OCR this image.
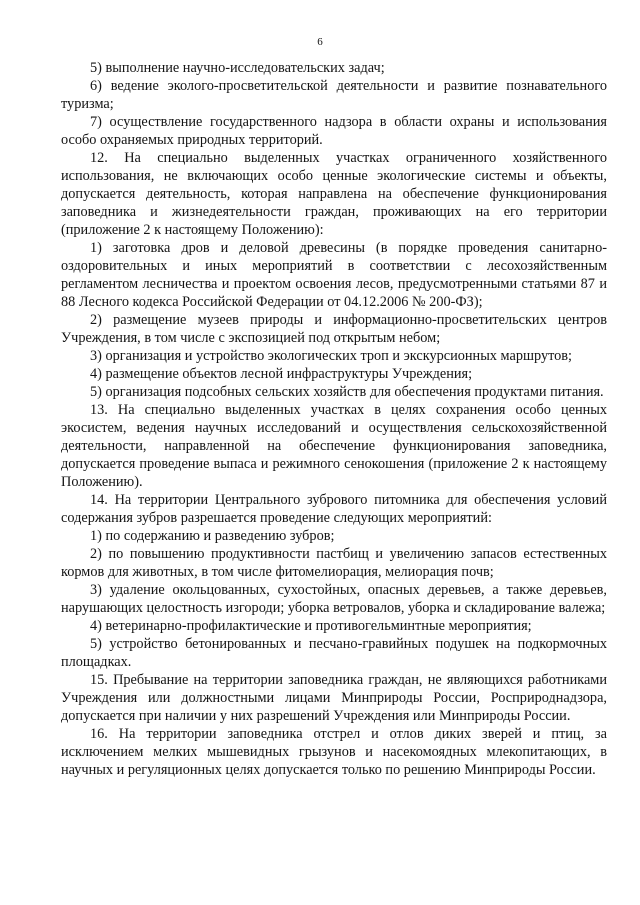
6

5) выполнение научно-исследовательских задач;

6) ведение эколого-просветительской деятельности и развитие познавательного туризма;

7) осуществление государственного надзора в области охраны и использования особо охраняемых природных территорий.

12. На специально выделенных участках ограниченного хозяйственного использования, не включающих особо ценные экологические системы и объекты, допускается деятельность, которая направлена на обеспечение функционирования заповедника и жизнедеятельности граждан, проживающих на его территории (приложение 2 к настоящему Положению):

1) заготовка дров и деловой древесины (в порядке проведения санитарно-оздоровительных и иных мероприятий в соответствии с лесохозяйственным регламентом лесничества и проектом освоения лесов, предусмотренными статьями 87 и 88 Лесного кодекса Российской Федерации от 04.12.2006 № 200-ФЗ);

2) размещение музеев природы и информационно-просветительских центров Учреждения, в том числе с экспозицией под открытым небом;

3) организация и устройство экологических троп и экскурсионных маршрутов;

4) размещение объектов лесной инфраструктуры Учреждения;

5) организация подсобных сельских хозяйств для обеспечения продуктами питания.

13. На специально выделенных участках в целях сохранения особо ценных экосистем, ведения научных исследований и осуществления сельскохозяйственной деятельности, направленной на обеспечение функционирования заповедника, допускается проведение выпаса и режимного сенокошения (приложение 2 к настоящему Положению).

14. На территории Центрального зубрового питомника для обеспечения условий содержания зубров разрешается проведение следующих мероприятий:

1) по содержанию и разведению зубров;

2) по повышению продуктивности пастбищ и увеличению запасов естественных кормов для животных, в том числе фитомелиорация, мелиорация почв;

3) удаление окольцованных, сухостойных, опасных деревьев, а также деревьев, нарушающих целостность изгороди; уборка ветровалов, уборка и складирование валежа;

4) ветеринарно-профилактические и противогельминтные мероприятия;

5) устройство бетонированных и песчано-гравийных подушек на подкормочных площадках.

15. Пребывание на территории заповедника граждан, не являющихся работниками Учреждения или должностными лицами Минприроды России, Росприроднадзора, допускается при наличии у них разрешений Учреждения или Минприроды России.

16. На территории заповедника отстрел и отлов диких зверей и птиц, за исключением мелких мышевидных грызунов и насекомоядных млекопитающих, в научных и регуляционных целях допускается только по решению Минприроды России.
